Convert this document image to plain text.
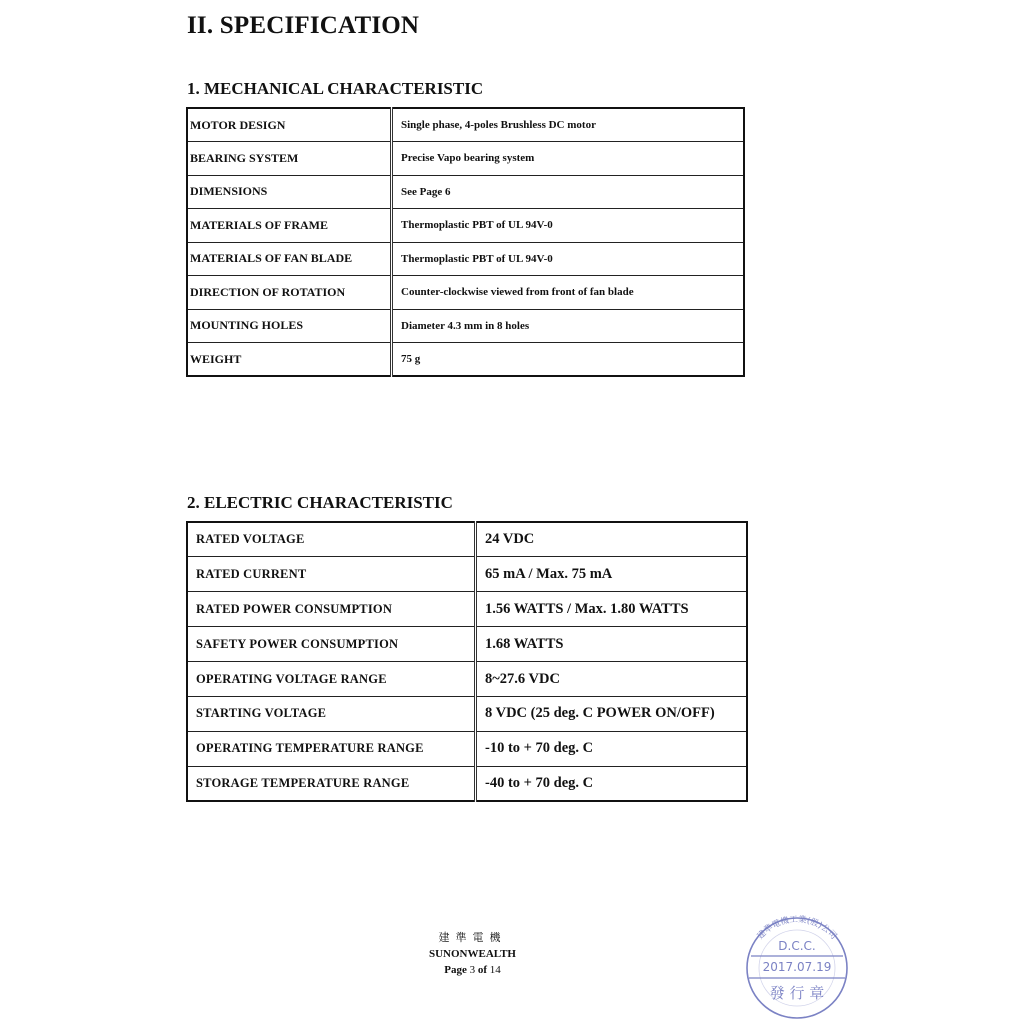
II. SPECIFICATION
1. MECHANICAL CHARACTERISTIC
MOTOR DESIGN	Single phase, 4-poles Brushless DC motor
BEARING SYSTEM	Precise Vapo bearing system
DIMENSIONS	See Page 6
MATERIALS OF FRAME	Thermoplastic PBT of UL 94V-0
MATERIALS OF FAN BLADE	Thermoplastic PBT of UL 94V-0
DIRECTION OF ROTATION	Counter-clockwise viewed from front of fan blade
MOUNTING HOLES	Diameter 4.3 mm in 8 holes
WEIGHT	75 g
2. ELECTRIC CHARACTERISTIC
RATED VOLTAGE	24 VDC
RATED CURRENT	65 mA / Max. 75 mA
RATED POWER CONSUMPTION	1.56 WATTS / Max. 1.80 WATTS
SAFETY POWER CONSUMPTION	1.68 WATTS
OPERATING VOLTAGE RANGE	8~27.6 VDC
STARTING VOLTAGE	8 VDC (25 deg. C POWER ON/OFF)
OPERATING TEMPERATURE RANGE	-10 to + 70 deg. C
STORAGE TEMPERATURE RANGE	-40 to + 70 deg. C
建準電機
SUNONWEALTH
Page 3 of 14
建準電機工業(股)公司
D.C.C.
2017.07.19
發 行 章
